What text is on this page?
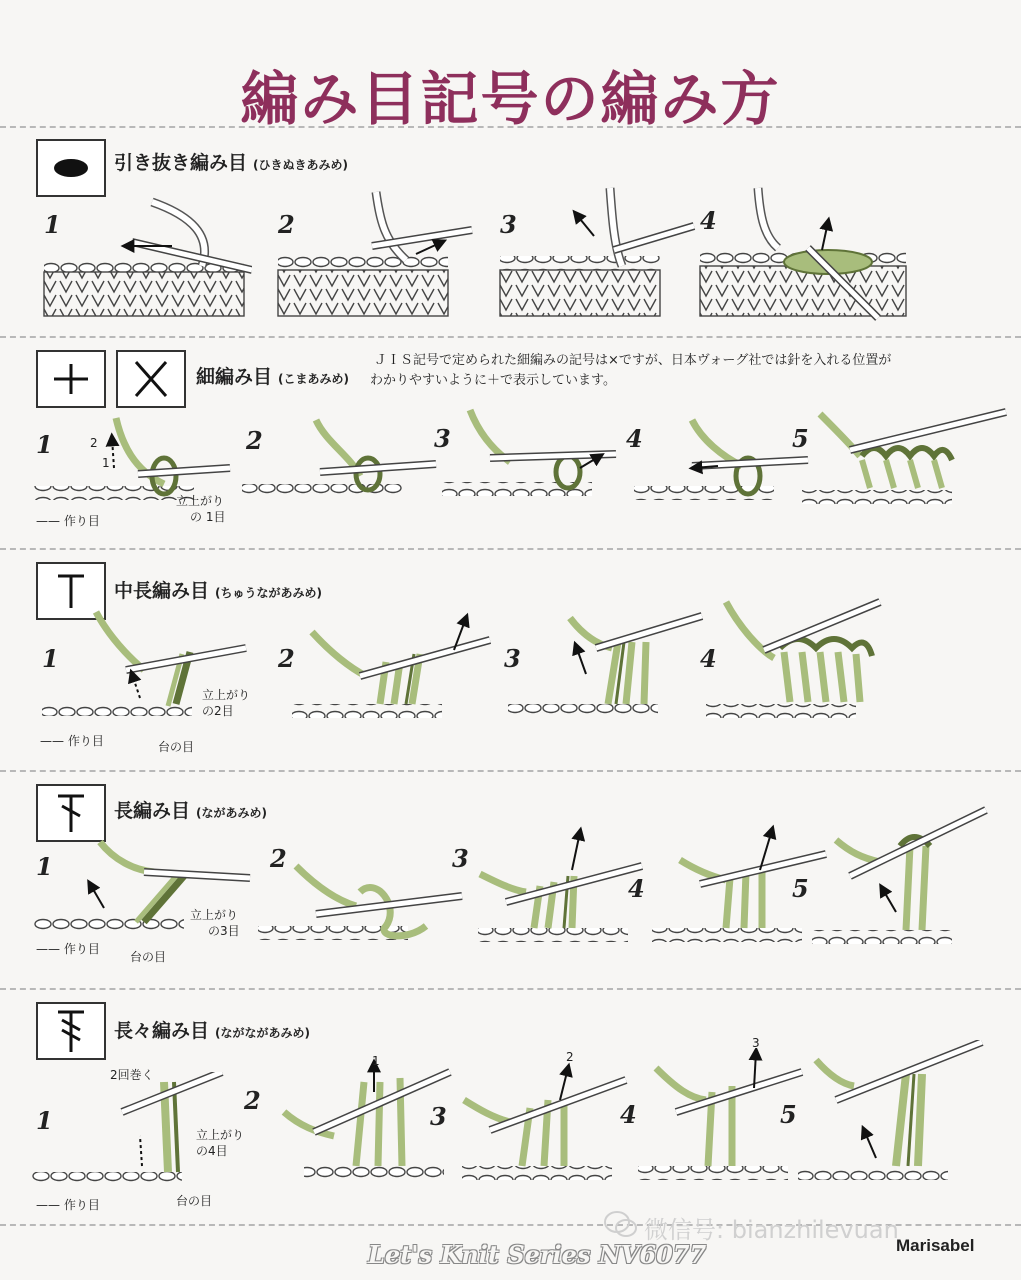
編み目記号の編み方
引き抜き編み目 (ひきぬきあみめ)
1	2	3	4
細編み目 (こまあみめ)
ＪＩＳ記号で定められた細編みの記号は×ですが、日本ヴォーグ社では針を入れる位置が
わかりやすいように＋で表示しています。
1
1
2
—— 作り目
立上がり
の 1目
2	3	4	5
中長編み目 (ちゅうながあみめ)
1
立上がり
の2目
—— 作り目	台の目
2	3	4
長編み目 (ながあみめ)
1
立上がり
の3目
—— 作り目
台の目
2	3
4	5
長々編み目 (ながながあみめ)
1
2回巻く
立上がり
の4目
—— 作り目	台の目
2
1
3
2
4
3
5
微信号: bianzhilevuan
Let's Knit Series NV6077	Marisabel
